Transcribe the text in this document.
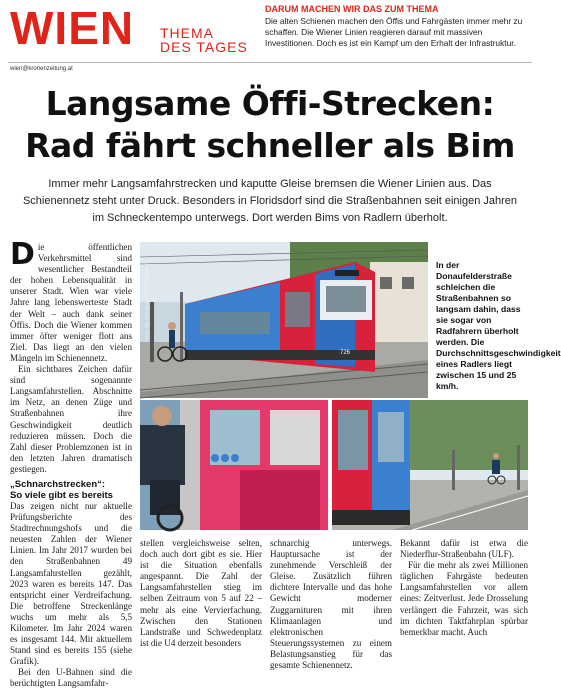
WIEN THEMA
DES TAGES
DARUM MACHEN WIR DAS ZUM THEMA
Die alten Schienen machen den Öffis und Fahrgästen immer mehr zu schaffen. Die Wiener Linien reagieren darauf mit massiven Investitionen. Doch es ist ein Kampf um den Erhalt der Infrastruktur.
wien@kronenzeitung.at
Langsame Öffi-Strecken:
Rad fährt schneller als Bim
Immer mehr Langsamfahrstrecken und kaputte Gleise bremsen die Wiener Linien aus. Das Schienennetz steht unter Druck. Besonders in Floridsdorf sind die Straßenbahnen seit einigen Jahren im Schneckentempo unterwegs. Dort werden Bims von Radlern überholt.
Die öffentlichen Verkehrsmittel sind wesentlicher Bestandteil der hohen Lebensqualität in unserer Stadt. Wien war viele Jahre lang lebenswerteste Stadt der Welt – auch dank seiner Öffis. Doch die Wiener kommen immer öfter weniger flott ans Ziel. Das liegt an den vielen Mängeln im Schienennetz.
Ein sichtbares Zeichen dafür sind sogenannte Langsamfahrstellen. Abschnitte im Netz, an denen Züge und Straßenbahnen ihre Geschwindigkeit deutlich reduzieren müssen. Doch die Zahl dieser Problemzonen ist in den letzten Jahren dramatisch gestiegen.
„Schnarchstrecken“:
So viele gibt es bereits
Das zeigen nicht nur aktuelle Prüfungsberichte des Stadtrechnungshofs und die neuesten Zahlen der Wiener Linien. Im Jahr 2017 wurden bei den Straßenbahnen 49 Langsamfahrstellen gezählt, 2023 waren es bereits 147. Das entspricht einer Verdreifachung. Die betroffene Streckenlänge wuchs um mehr als 5,5 Kilometer. Im Jahr 2024 waren es insgesamt 144. Mit aktuellem Stand sind es bereits 155 (siehe Grafik).
Bei den U-Bahnen sind die berüchtigten Langsamfahr-
726
Fotos: Die Grünen Wien/Heidi Sequenz	In der Donaufelderstraße schleichen die Straßenbahnen so langsam dahin, dass sie sogar von Radfahrern überholt werden. Die Durchschnittsgeschwindigkeit eines Radlers liegt zwischen 15 und 25 km/h.
stellen vergleichsweise selten, doch auch dort gibt es sie. Hier ist die Situation ebenfalls angespannt. Die Zahl der Langsamfahrstellen stieg im selben Zeitraum von 5 auf 22 – mehr als eine Vervierfachung. Zwischen den Stationen Landstraße und Schwedenplatz ist die U4 derzeit besonders
schnarchig unterwegs. Hauptursache ist der zunehmende Verschleiß der Gleise. Zusätzlich führen dichtere Intervalle und das hohe Gewicht moderner Zuggarnituren mit ihren Klimaanlagen und elektronischen Steuerungssystemen zu einem Belastungsanstieg für das gesamte Schienennetz.
Bekannt dafür ist etwa die Niederflur-Straßenbahn (ULF).
Für die mehr als zwei Millionen täglichen Fahrgäste bedeuten Langsamfahrstellen vor allem eines: Zeitverlust. Jede Drosselung verlängert die Fahrzeit, was sich im dichten Taktfahrplan spürbar bemerkbar macht. Auch
